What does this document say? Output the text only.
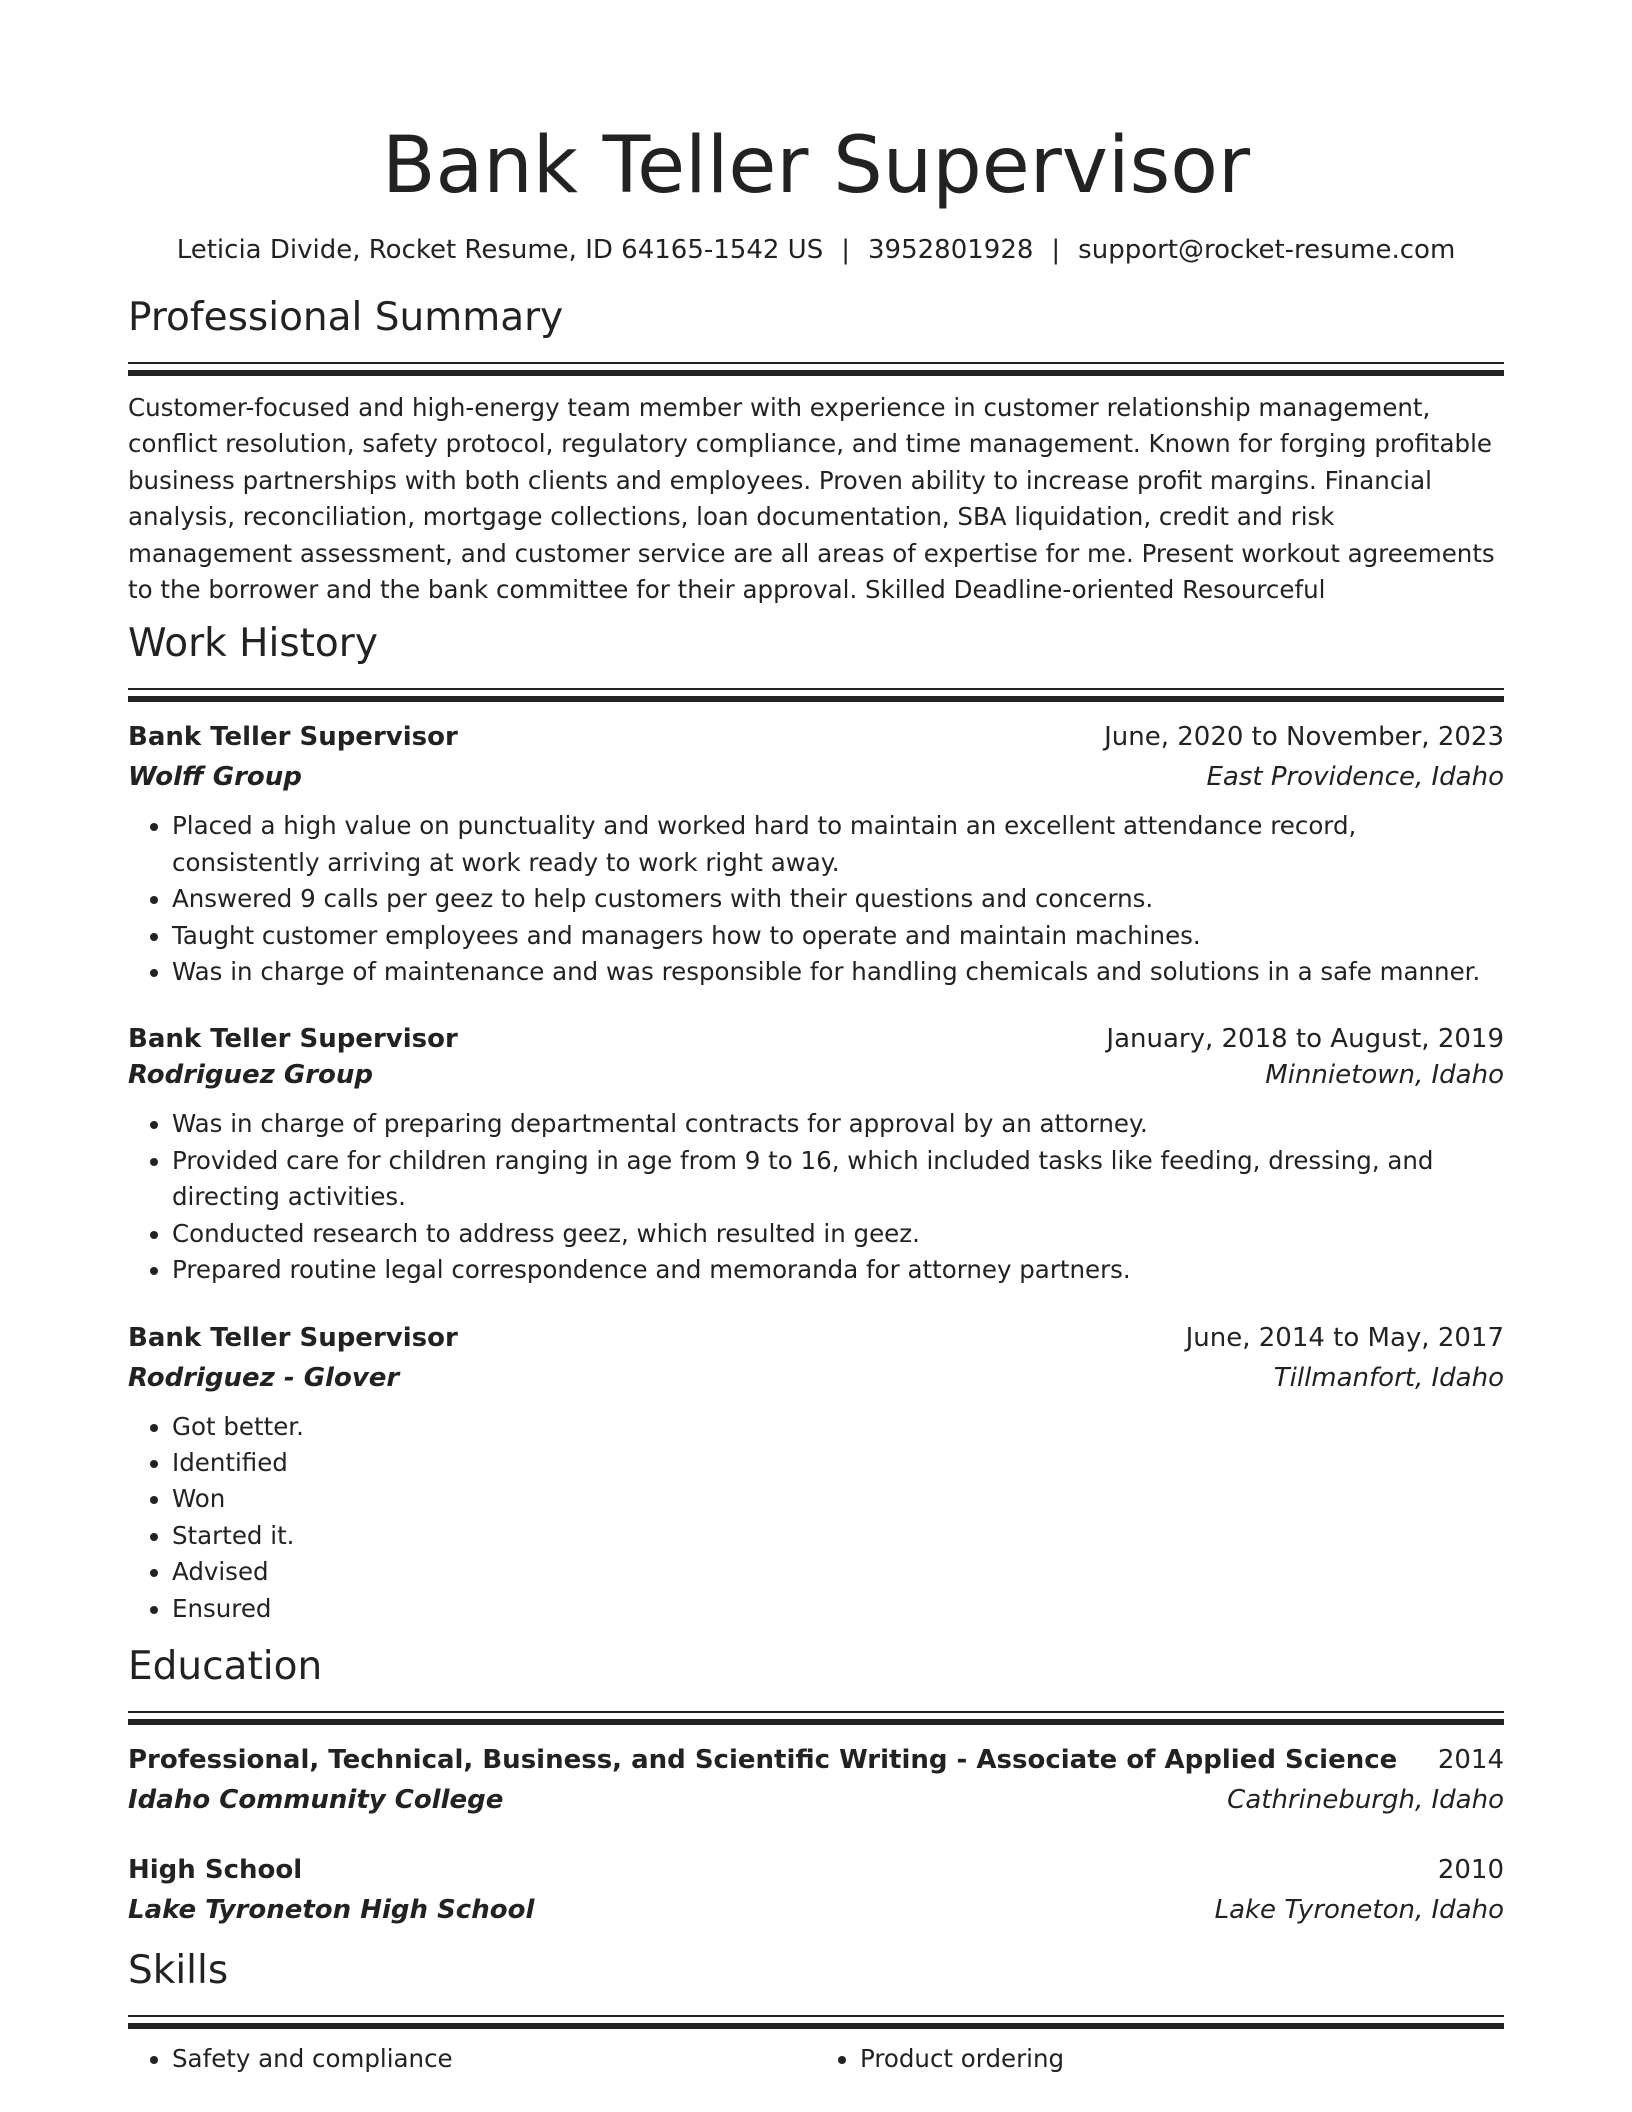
Bank Teller Supervisor
Leticia Divide, Rocket Resume, ID 64165-1542 US | 3952801928 | support@rocket-resume.com
Professional Summary

Customer-focused and high-energy team member with experience in customer relationship management, conflict resolution, safety protocol, regulatory compliance, and time management. Known for forging profitable business partnerships with both clients and employees. Proven ability to increase profit margins. Financial analysis, reconciliation, mortgage collections, loan documentation, SBA liquidation, credit and risk management assessment, and customer service are all areas of expertise for me. Present workout agreements to the borrower and the bank committee for their approval. Skilled Deadline-oriented Resourceful

Work History
Bank Teller Supervisor	June, 2020 to November, 2023
Wolff Group	East Providence, Idaho
• Placed a high value on punctuality and worked hard to maintain an excellent attendance record, consistently arriving at work ready to work right away.
• Answered 9 calls per geez to help customers with their questions and concerns.
• Taught customer employees and managers how to operate and maintain machines.
• Was in charge of maintenance and was responsible for handling chemicals and solutions in a safe manner.
Bank Teller Supervisor	January, 2018 to August, 2019
Rodriguez Group	Minnietown, Idaho
• Was in charge of preparing departmental contracts for approval by an attorney.
• Provided care for children ranging in age from 9 to 16, which included tasks like feeding, dressing, and directing activities.
• Conducted research to address geez, which resulted in geez.
• Prepared routine legal correspondence and memoranda for attorney partners.
Bank Teller Supervisor	June, 2014 to May, 2017
Rodriguez - Glover	Tillmanfort, Idaho
• Got better.
• Identified
• Won
• Started it.
• Advised
• Ensured
Education
Professional, Technical, Business, and Scientific Writing - Associate of Applied Science 2014
Idaho Community College	Cathrineburgh, Idaho
High School	2010
Lake Tyroneton High School	Lake Tyroneton, Idaho
Skills
• Safety and compliance
•	Product ordering
